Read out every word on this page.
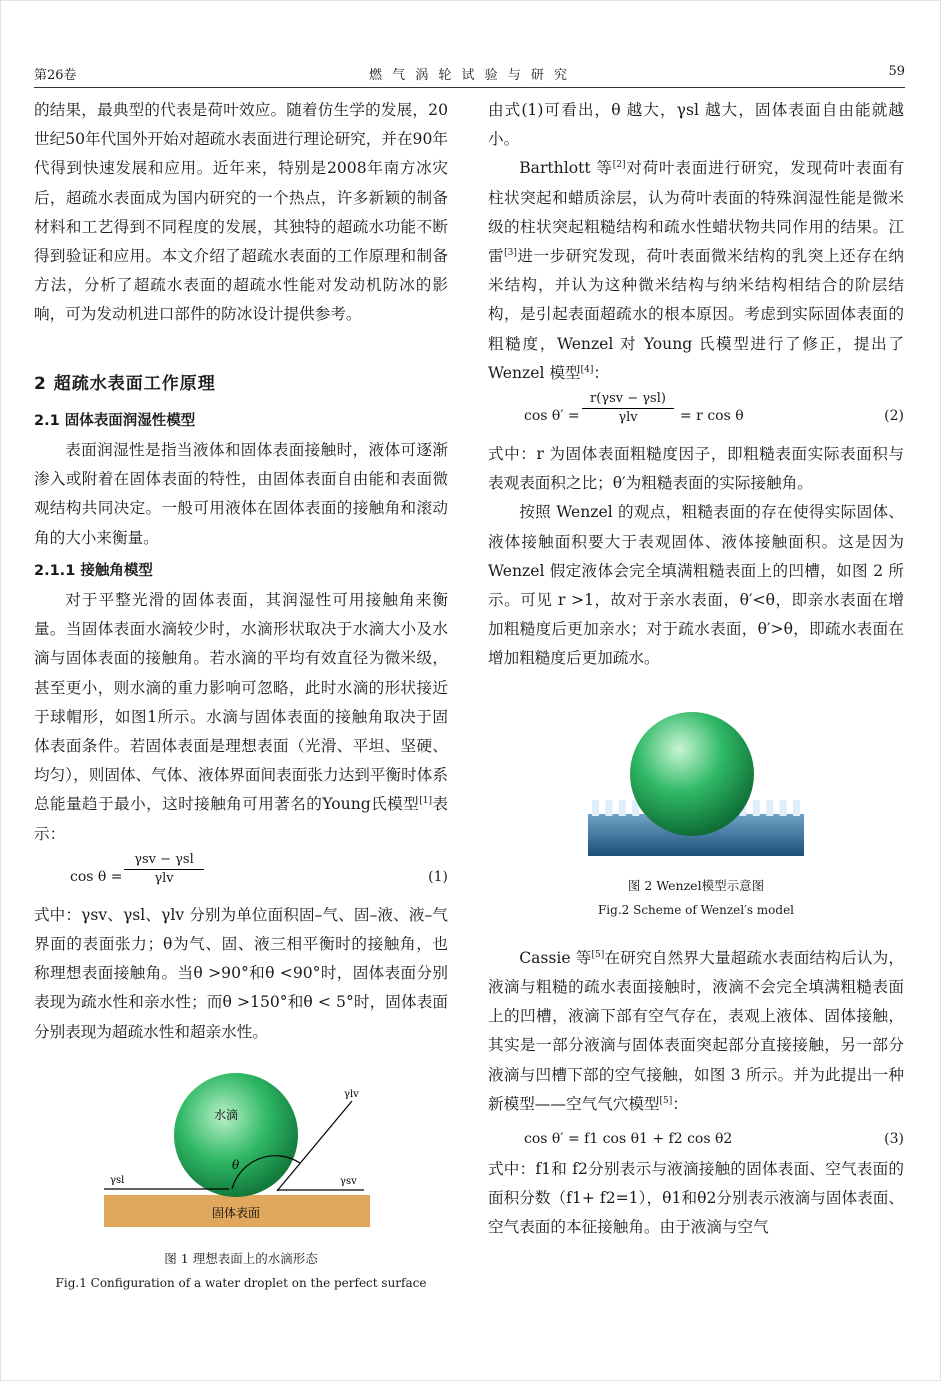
第26卷	燃 气 涡 轮 试 验 与 研 究	59

的结果，最典型的代表是荷叶效应。随着仿生学的发展，20世纪50年代国外开始对超疏水表面进行理论研究，并在90年代得到快速发展和应用。近年来，特别是2008年南方冰灾后，超疏水表面成为国内研究的一个热点，许多新颖的制备材料和工艺得到不同程度的发展，其独特的超疏水功能不断得到验证和应用。本文介绍了超疏水表面的工作原理和制备方法，分析了超疏水表面的超疏水性能对发动机防冰的影响，可为发动机进口部件的防冰设计提供参考。

2 超疏水表面工作原理
2.1 固体表面润湿性模型

表面润湿性是指当液体和固体表面接触时，液体可逐渐渗入或附着在固体表面的特性，由固体表面自由能和表面微观结构共同决定。一般可用液体在固体表面的接触角和滚动角的大小来衡量。

2.1.1 接触角模型

对于平整光滑的固体表面，其润湿性可用接触角来衡量。当固体表面水滴较少时，水滴形状取决于水滴大小及水滴与固体表面的接触角。若水滴的平均有效直径为微米级，甚至更小，则水滴的重力影响可忽略，此时水滴的形状接近于球帽形，如图1所示。水滴与固体表面的接触角取决于固体表面条件。若固体表面是理想表面（光滑、平坦、坚硬、均匀），则固体、气体、液体界面间表面张力达到平衡时体系总能量趋于最小，这时接触角可用著名的Young氏模型[1]表示：

cos θ =
γsv − γsl
γlv	(1)

式中：γsv、γsl、γlv 分别为单位面积固–气、固–液、液–气界面的表面张力；θ为气、固、液三相平衡时的接触角，也称理想表面接触角。当θ >90°和θ <90°时，固体表面分别表现为疏水性和亲水性；而θ >150°和θ < 5°时，固体表面分别表现为超疏水性和超亲水性。

水滴
θ
γlv
γsl	γsv
固体表面
图 1 理想表面上的水滴形态
Fig.1 Configuration of a water droplet on the perfect surface

由式(1)可看出，θ 越大，γsl 越大，固体表面自由能就越小。

Barthlott 等[2]对荷叶表面进行研究，发现荷叶表面有柱状突起和蜡质涂层，认为荷叶表面的特殊润湿性能是微米级的柱状突起粗糙结构和疏水性蜡状物共同作用的结果。江雷[3]进一步研究发现，荷叶表面微米结构的乳突上还存在纳米结构，并认为这种微米结构与纳米结构相结合的阶层结构，是引起表面超疏水的根本原因。考虑到实际固体表面的粗糙度，Wenzel 对 Young 氏模型进行了修正，提出了 Wenzel 模型[4]：

cos θ′ =
r(γsv − γsl)
γlv	= r cos θ	(2)

式中：r 为固体表面粗糙度因子，即粗糙表面实际表面积与表观表面积之比；θ′为粗糙表面的实际接触角。

按照 Wenzel 的观点，粗糙表面的存在使得实际固体、液体接触面积要大于表观固体、液体接触面积。这是因为 Wenzel 假定液体会完全填满粗糙表面上的凹槽，如图 2 所示。可见 r >1，故对于亲水表面，θ′<θ，即亲水表面在增加粗糙度后更加亲水；对于疏水表面，θ′>θ，即疏水表面在增加粗糙度后更加疏水。

图 2 Wenzel模型示意图
Fig.2 Scheme of Wenzel′s model

Cassie 等[5]在研究自然界大量超疏水表面结构后认为，液滴与粗糙的疏水表面接触时，液滴不会完全填满粗糙表面上的凹槽，液滴下部有空气存在，表观上液体、固体接触，其实是一部分液滴与固体表面突起部分直接接触，另一部分液滴与凹槽下部的空气接触，如图 3 所示。并为此提出一种新模型——空气气穴模型[5]：

cos θ′ = f1 cos θ1 + f2 cos θ2	(3)

式中：f1和 f2分别表示与液滴接触的固体表面、空气表面的面积分数（f1+ f2=1），θ1和θ2分别表示液滴与固体表面、空气表面的本征接触角。由于液滴与空气
